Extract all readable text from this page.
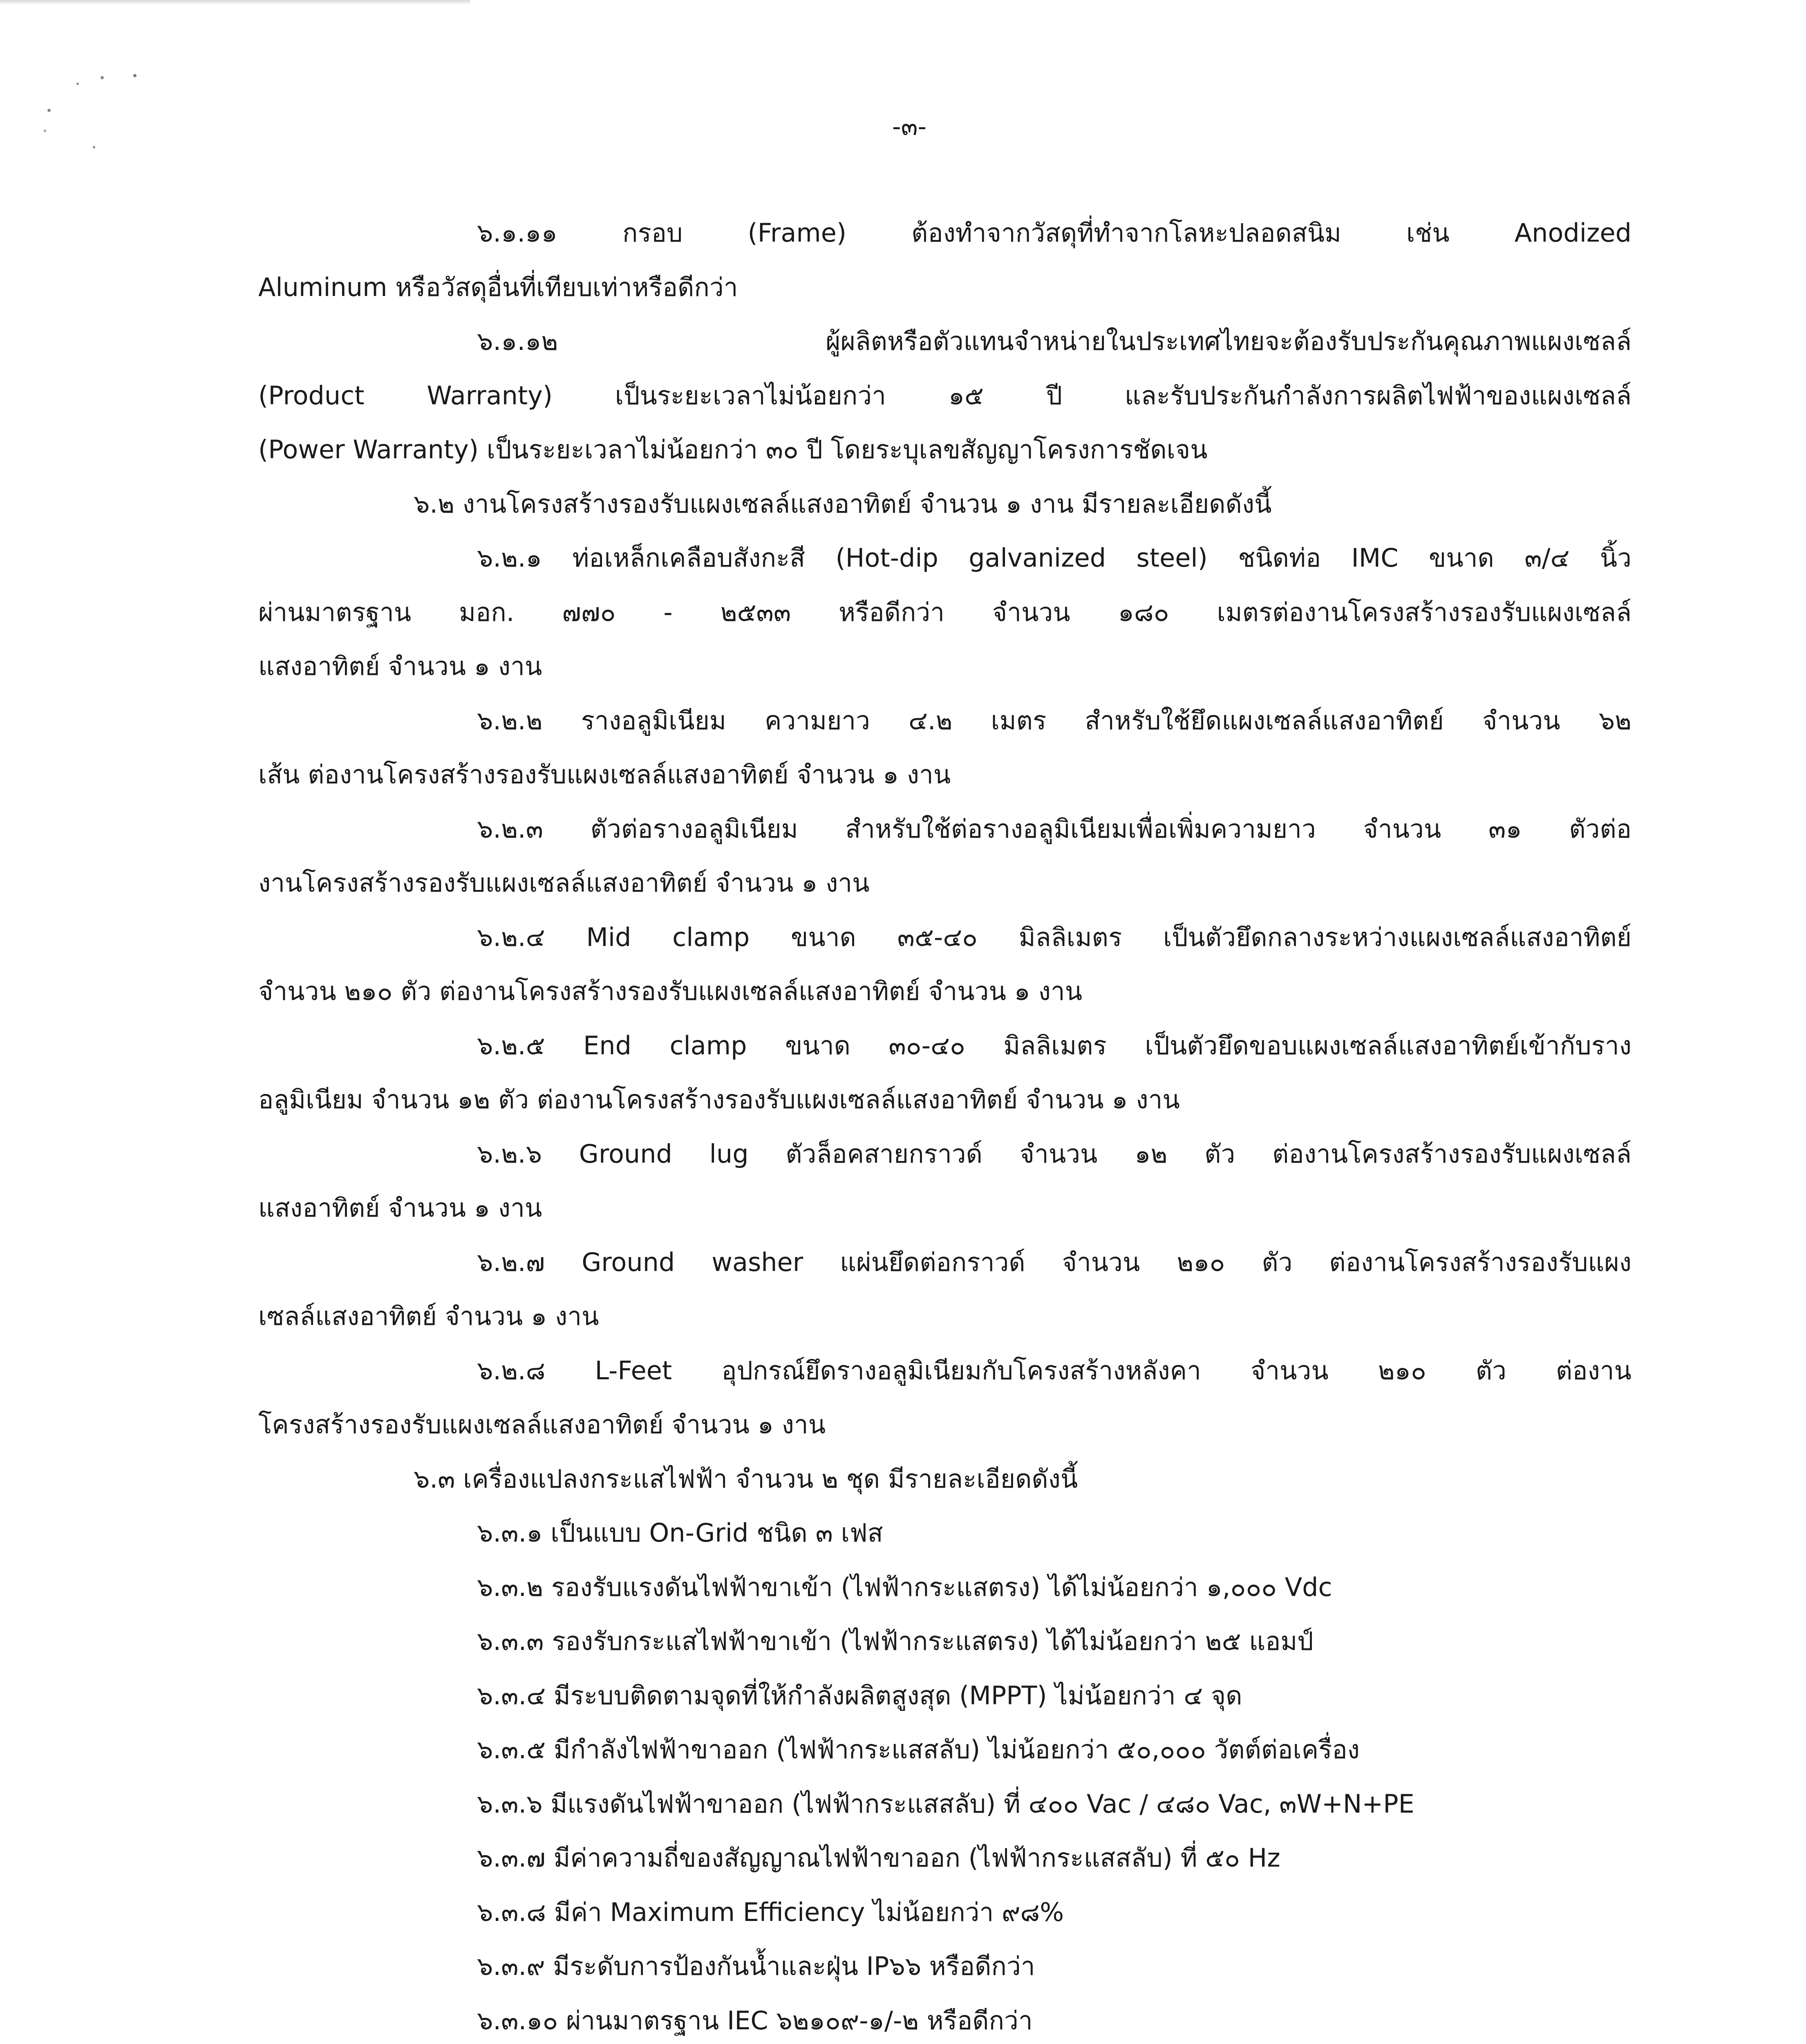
-๓-
๖.๑.๑๑ กรอบ (Frame) ต้องทำจากวัสดุที่ทำจากโลหะปลอดสนิม เช่น Anodized
Aluminum หรือวัสดุอื่นที่เทียบเท่าหรือดีกว่า
๖.๑.๑๒ ผู้ผลิตหรือตัวแทนจำหน่ายในประเทศไทยจะต้องรับประกันคุณภาพแผงเซลล์
(Product Warranty) เป็นระยะเวลาไม่น้อยกว่า ๑๕ ปี และรับประกันกำลังการผลิตไฟฟ้าของแผงเซลล์
(Power Warranty) เป็นระยะเวลาไม่น้อยกว่า ๓๐ ปี โดยระบุเลขสัญญาโครงการชัดเจน
๖.๒ งานโครงสร้างรองรับแผงเซลล์แสงอาทิตย์ จำนวน ๑ งาน มีรายละเอียดดังนี้
๖.๒.๑ ท่อเหล็กเคลือบสังกะสี (Hot-dip galvanized steel) ชนิดท่อ IMC ขนาด ๓/๔ นิ้ว
ผ่านมาตรฐาน มอก. ๗๗๐ - ๒๕๓๓ หรือดีกว่า จำนวน ๑๘๐ เมตรต่องานโครงสร้างรองรับแผงเซลล์
แสงอาทิตย์ จำนวน ๑ งาน
๖.๒.๒ รางอลูมิเนียม ความยาว ๔.๒ เมตร สำหรับใช้ยึดแผงเซลล์แสงอาทิตย์ จำนวน ๖๒
เส้น ต่องานโครงสร้างรองรับแผงเซลล์แสงอาทิตย์ จำนวน ๑ งาน
๖.๒.๓ ตัวต่อรางอลูมิเนียม สำหรับใช้ต่อรางอลูมิเนียมเพื่อเพิ่มความยาว จำนวน ๓๑ ตัวต่อ
งานโครงสร้างรองรับแผงเซลล์แสงอาทิตย์ จำนวน ๑ งาน
๖.๒.๔ Mid clamp ขนาด ๓๕-๔๐ มิลลิเมตร เป็นตัวยึดกลางระหว่างแผงเซลล์แสงอาทิตย์
จำนวน ๒๑๐ ตัว ต่องานโครงสร้างรองรับแผงเซลล์แสงอาทิตย์ จำนวน ๑ งาน
๖.๒.๕ End clamp ขนาด ๓๐-๔๐ มิลลิเมตร เป็นตัวยึดขอบแผงเซลล์แสงอาทิตย์เข้ากับราง
อลูมิเนียม จำนวน ๑๒ ตัว ต่องานโครงสร้างรองรับแผงเซลล์แสงอาทิตย์ จำนวน ๑ งาน
๖.๒.๖ Ground lug ตัวล็อคสายกราวด์ จำนวน ๑๒ ตัว ต่องานโครงสร้างรองรับแผงเซลล์
แสงอาทิตย์ จำนวน ๑ งาน
๖.๒.๗ Ground washer แผ่นยึดต่อกราวด์ จำนวน ๒๑๐ ตัว ต่องานโครงสร้างรองรับแผง
เซลล์แสงอาทิตย์ จำนวน ๑ งาน
๖.๒.๘ L-Feet อุปกรณ์ยึดรางอลูมิเนียมกับโครงสร้างหลังคา จำนวน ๒๑๐ ตัว ต่องาน
โครงสร้างรองรับแผงเซลล์แสงอาทิตย์ จำนวน ๑ งาน
๖.๓ เครื่องแปลงกระแสไฟฟ้า จำนวน ๒ ชุด มีรายละเอียดดังนี้
๖.๓.๑ เป็นแบบ On-Grid ชนิด ๓ เฟส
๖.๓.๒ รองรับแรงดันไฟฟ้าขาเข้า (ไฟฟ้ากระแสตรง) ได้ไม่น้อยกว่า ๑,๐๐๐ Vdc
๖.๓.๓ รองรับกระแสไฟฟ้าขาเข้า (ไฟฟ้ากระแสตรง) ได้ไม่น้อยกว่า ๒๕ แอมป์
๖.๓.๔ มีระบบติดตามจุดที่ให้กำลังผลิตสูงสุด (MPPT) ไม่น้อยกว่า ๔ จุด
๖.๓.๕ มีกำลังไฟฟ้าขาออก (ไฟฟ้ากระแสสลับ) ไม่น้อยกว่า ๕๐,๐๐๐ วัตต์ต่อเครื่อง
๖.๓.๖ มีแรงดันไฟฟ้าขาออก (ไฟฟ้ากระแสสลับ) ที่ ๔๐๐ Vac / ๔๘๐ Vac, ๓W+N+PE
๖.๓.๗ มีค่าความถี่ของสัญญาณไฟฟ้าขาออก (ไฟฟ้ากระแสสลับ) ที่ ๕๐ Hz
๖.๓.๘ มีค่า Maximum Efficiency ไม่น้อยกว่า ๙๘%
๖.๓.๙ มีระดับการป้องกันน้ำและฝุ่น IP๖๖ หรือดีกว่า
๖.๓.๑๐ ผ่านมาตรฐาน IEC ๖๒๑๐๙-๑/-๒ หรือดีกว่า
